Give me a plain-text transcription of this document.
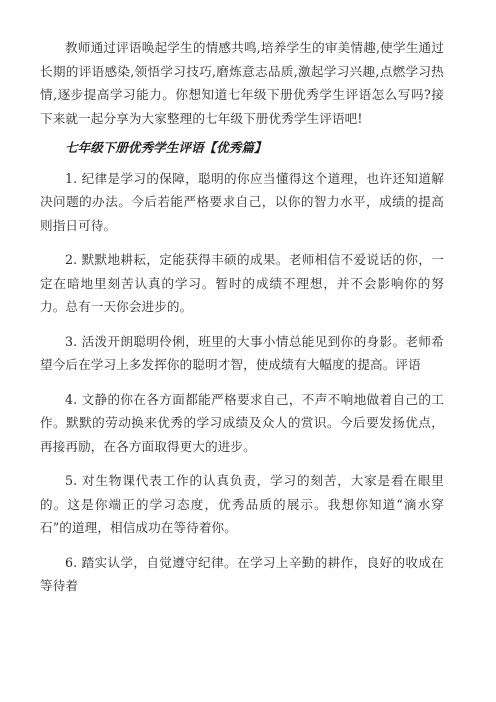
教师通过评语唤起学生的情感共鸣,培养学生的审美情趣,使学生通过长期的评语感染,领悟学习技巧,磨炼意志品质,激起学习兴趣,点燃学习热情,逐步提高学习能力。你想知道七年级下册优秀学生评语怎么写吗?接下来就一起分享为大家整理的七年级下册优秀学生评语吧!

七年级下册优秀学生评语【优秀篇】

1. 纪律是学习的保障，聪明的你应当懂得这个道理，也许还知道解决问题的办法。今后若能严格要求自己，以你的智力水平，成绩的提高则指日可待。

2. 默默地耕耘，定能获得丰硕的成果。老师相信不爱说话的你，一定在暗地里刻苦认真的学习。暂时的成绩不理想，并不会影响你的努力。总有一天你会进步的。

3. 活泼开朗聪明伶俐，班里的大事小情总能见到你的身影。老师希望今后在学习上多发挥你的聪明才智，使成绩有大幅度的提高。评语

4. 文静的你在各方面都能严格要求自己，不声不响地做着自己的工作。默默的劳动换来优秀的学习成绩及众人的赏识。今后要发扬优点，再接再励，在各方面取得更大的进步。

5. 对生物课代表工作的认真负责，学习的刻苦，大家是看在眼里的。这是你端正的学习态度，优秀品质的展示。我想你知道“滴水穿石”的道理，相信成功在等待着你。

6. 踏实认学，自觉遵守纪律。在学习上辛勤的耕作，良好的收成在等待着
